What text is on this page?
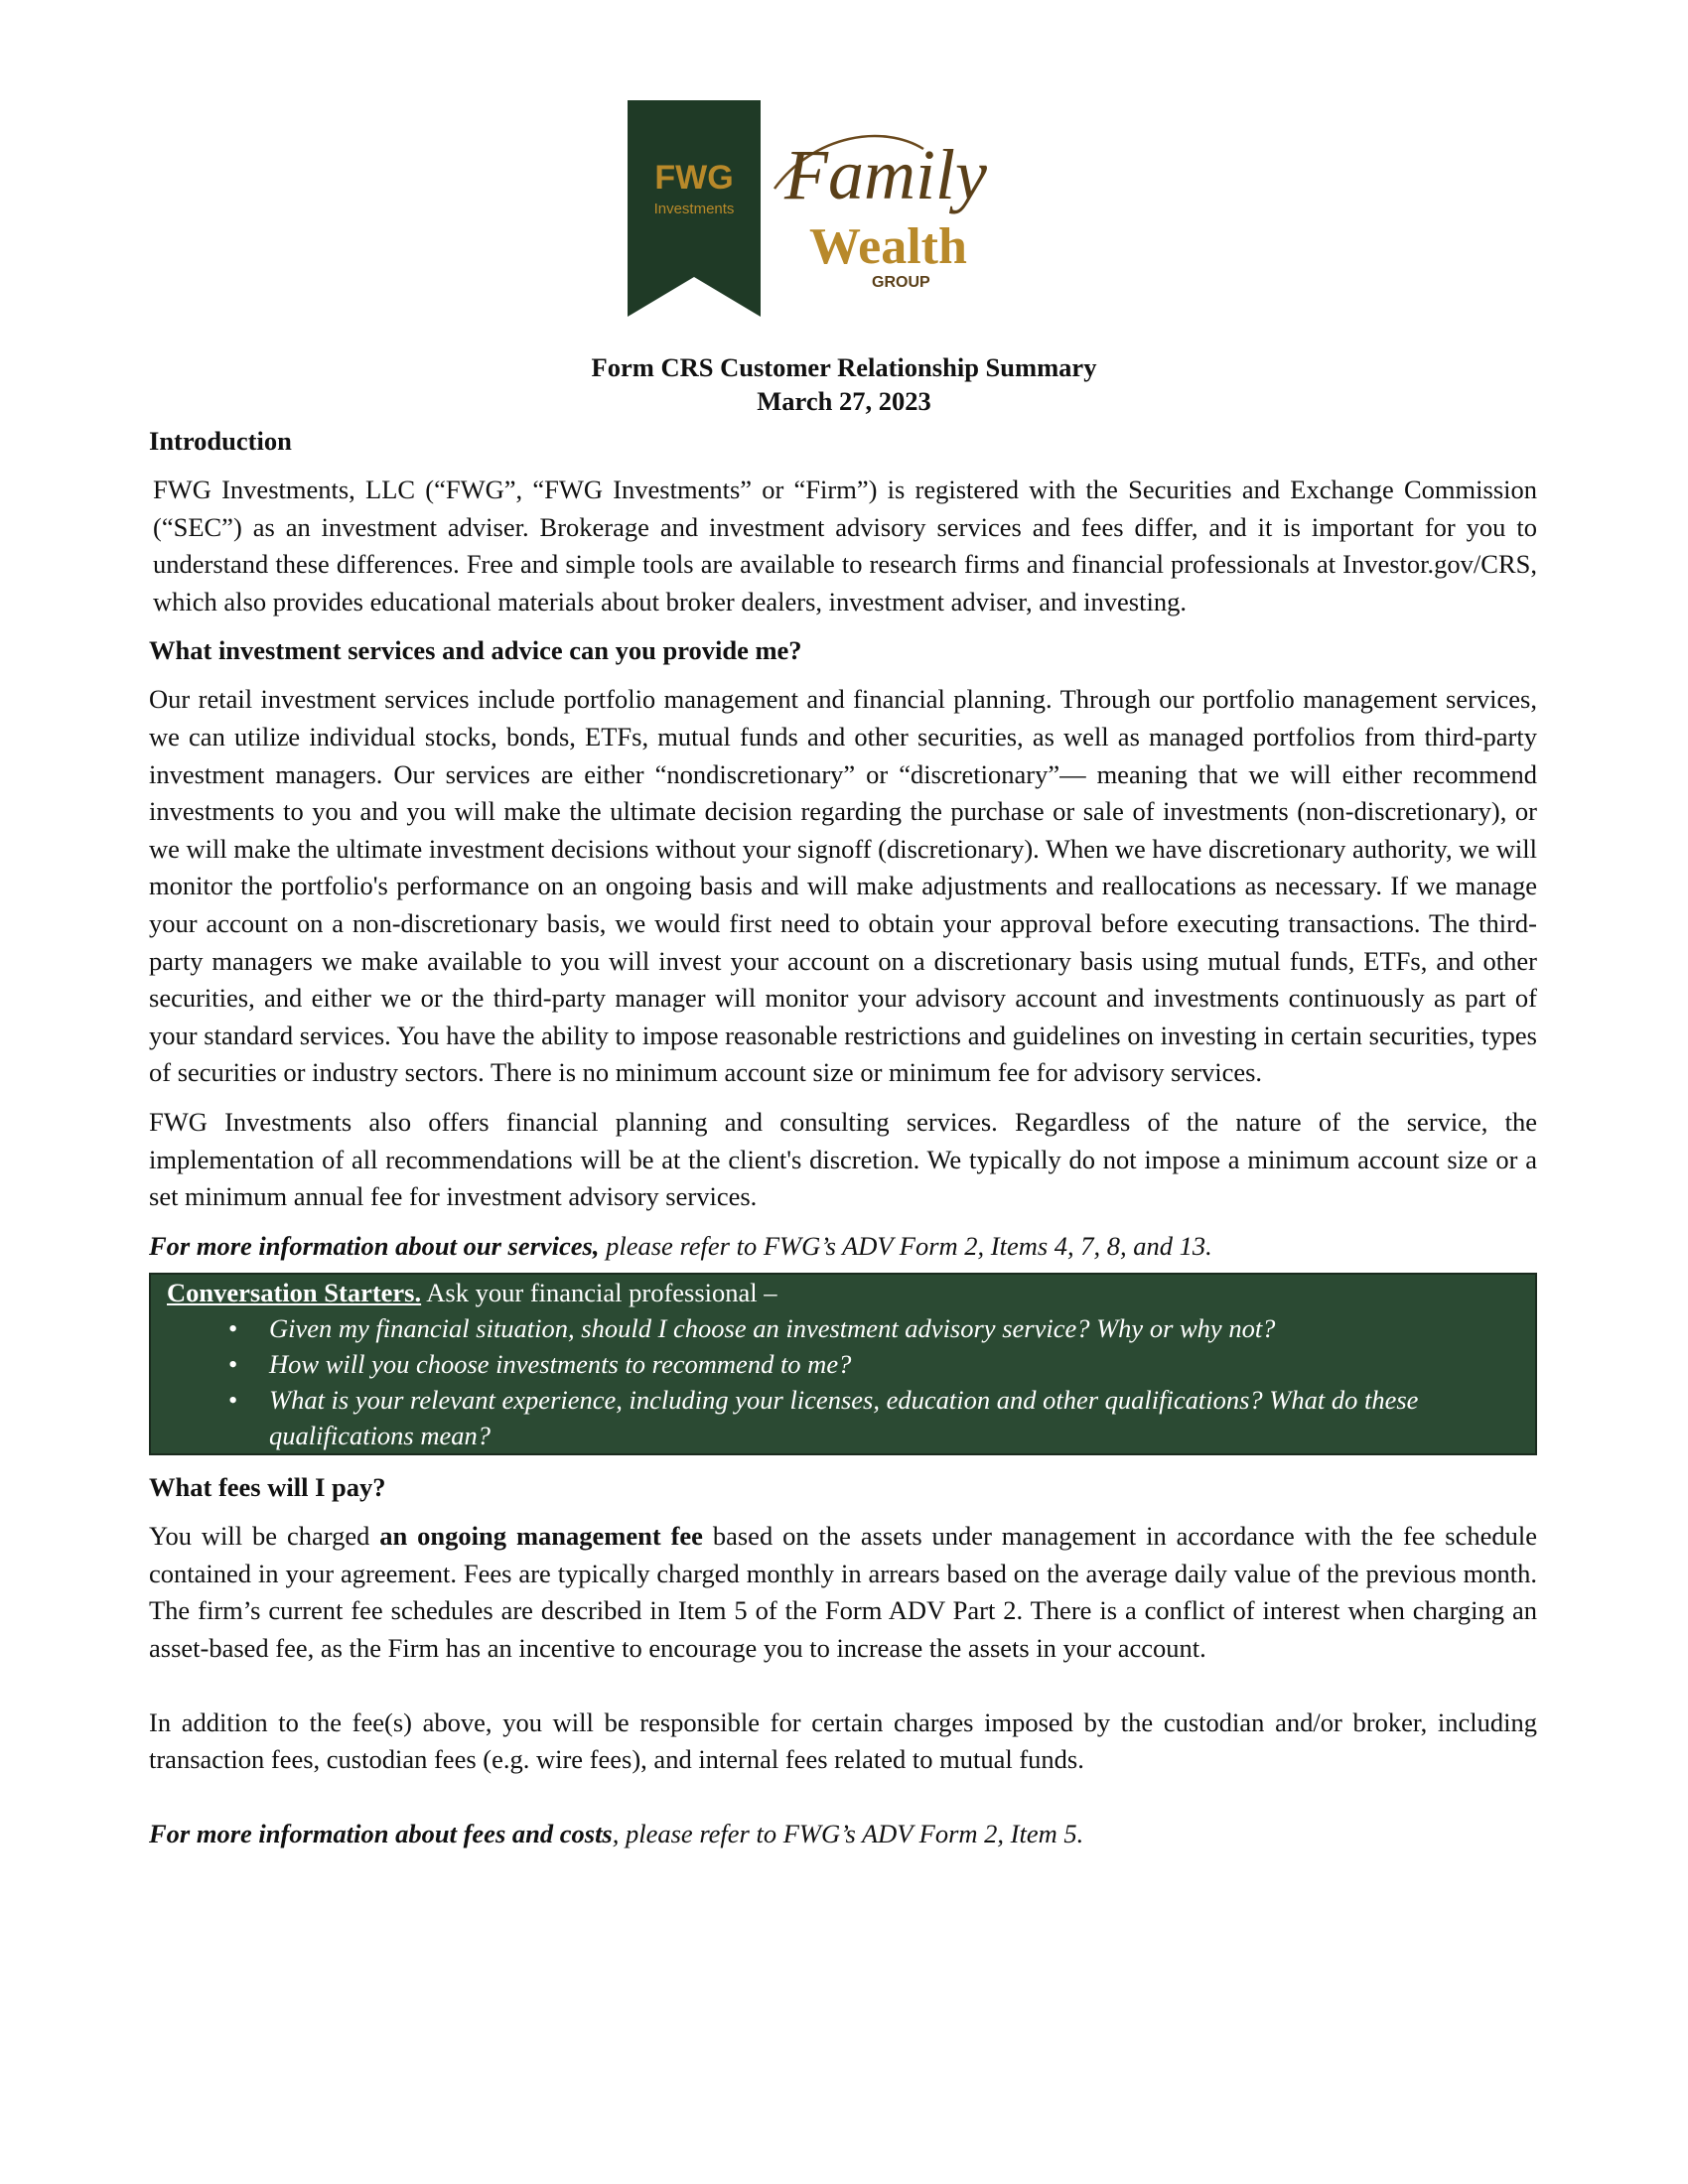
FWG
Investments Family
Wealth
GROUP
Form CRS Customer Relationship Summary
March 27, 2023
Introduction

FWG Investments, LLC (“FWG”, “FWG Investments” or “Firm”) is registered with the Securities and Exchange Commission (“SEC”) as an investment adviser. Brokerage and investment advisory services and fees differ, and it is important for you to understand these differences. Free and simple tools are available to research firms and financial professionals at Investor.gov/CRS, which also provides educational materials about broker dealers, investment adviser, and investing.

What investment services and advice can you provide me?

Our retail investment services include portfolio management and financial planning. Through our portfolio management services, we can utilize individual stocks, bonds, ETFs, mutual funds and other securities, as well as managed portfolios from third-party investment managers. Our services are either “nondiscretionary” or “discretionary”— meaning that we will either recommend investments to you and you will make the ultimate decision regarding the purchase or sale of investments (non-discretionary), or we will make the ultimate investment decisions without your signoff (discretionary). When we have discretionary authority, we will monitor the portfolio's performance on an ongoing basis and will make adjustments and reallocations as necessary. If we manage your account on a non-discretionary basis, we would first need to obtain your approval before executing transactions. The third-party managers we make available to you will invest your account on a discretionary basis using mutual funds, ETFs, and other securities, and either we or the third-party manager will monitor your advisory account and investments continuously as part of your standard services. You have the ability to impose reasonable restrictions and guidelines on investing in certain securities, types of securities or industry sectors. There is no minimum account size or minimum fee for advisory services.

FWG Investments also offers financial planning and consulting services. Regardless of the nature of the service, the implementation of all recommendations will be at the client's discretion. We typically do not impose a minimum account size or a set minimum annual fee for investment advisory services.

For more information about our services, please refer to FWG’s ADV Form 2, Items 4, 7, 8, and 13.

Conversation Starters. Ask your financial professional –
• Given my financial situation, should I choose an investment advisory service? Why or why not?
• How will you choose investments to recommend to me?
• What is your relevant experience, including your licenses, education and other qualifications? What do these qualifications mean?
What fees will I pay?

You will be charged an ongoing management fee based on the assets under management in accordance with the fee schedule contained in your agreement. Fees are typically charged monthly in arrears based on the average daily value of the previous month. The firm’s current fee schedules are described in Item 5 of the Form ADV Part 2. There is a conflict of interest when charging an asset-based fee, as the Firm has an incentive to encourage you to increase the assets in your account.

In addition to the fee(s) above, you will be responsible for certain charges imposed by the custodian and/or broker, including transaction fees, custodian fees (e.g. wire fees), and internal fees related to mutual funds.

For more information about fees and costs, please refer to FWG’s ADV Form 2, Item 5.
